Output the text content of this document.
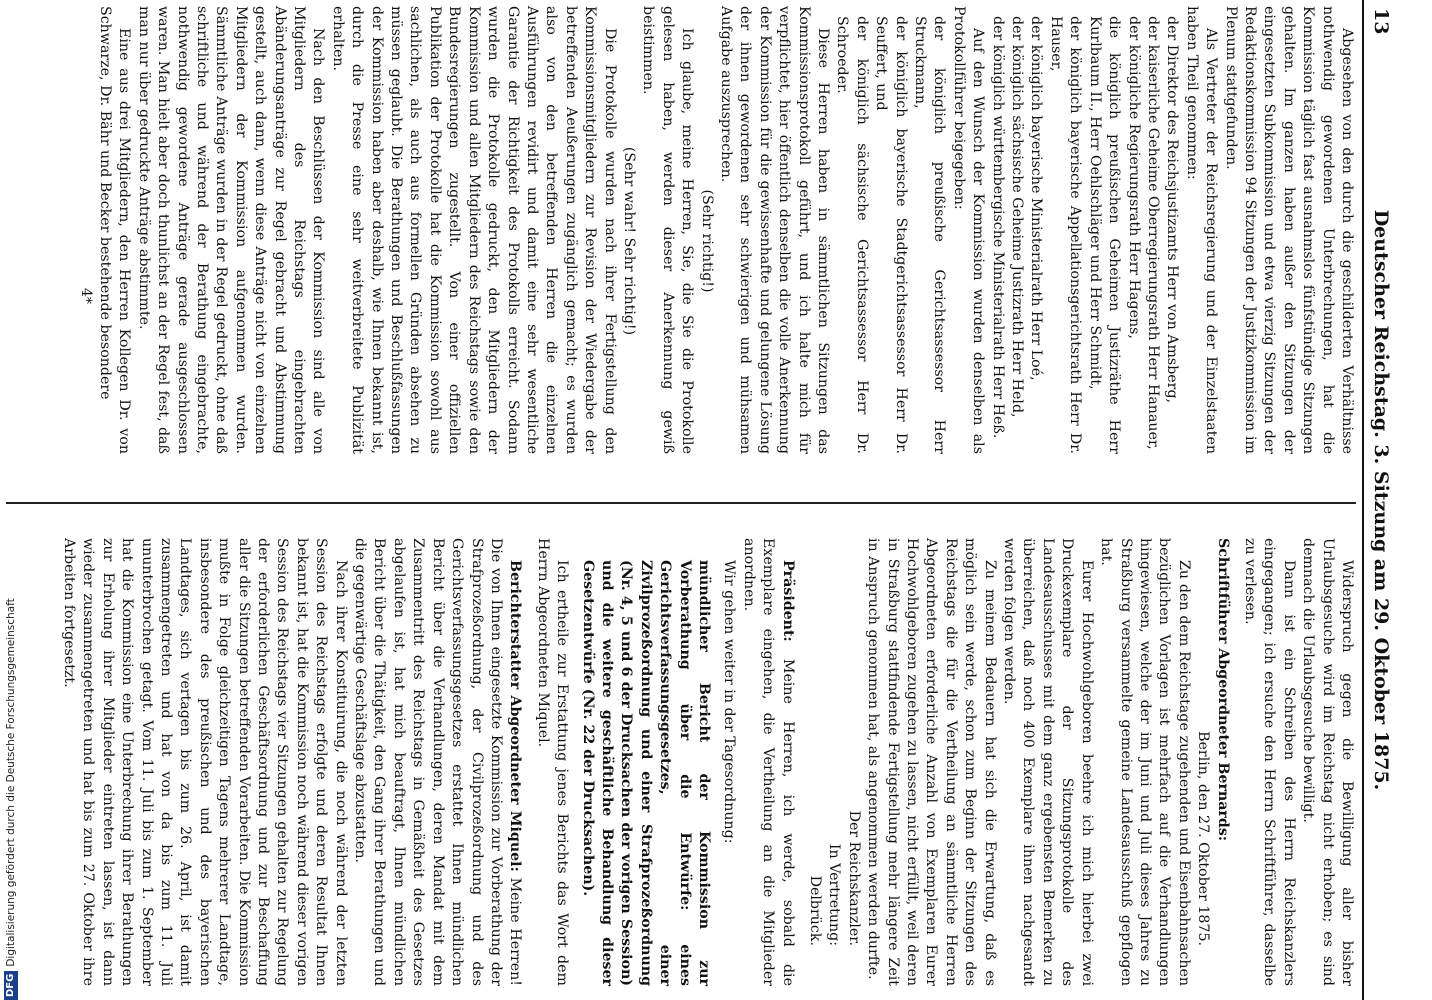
Deutscher Reichstag. 3. Sitzung am 29. Oktober 1875.
13

Widerspruch gegen die Bewilligung aller bisher Urlaubsgesuche wird im Reichstag nicht erhoben; es sind demnach die Urlaubsgesuche bewilligt.

Dann ist ein Schreiben des Herrn Reichskanzlers eingegangen; ich ersuche den Herrn Schriftführer, dasselbe zu verlesen.

Schriftführer Abgeordneter Bernards:

Berlin, den 27. Oktober 1875.

Zu den dem Reichstage zugehenden und Eisenbahnsachen bezüglichen Vorlagen ist mehrfach auf die Verhandlungen hingewiesen, welche der im Juni und Juli dieses Jahres zu Straßburg versammelte gemeine Landesausschuß gepflogen hat.

Eurer Hochwohlgeboren beehre ich mich hierbei zwei Druckexemplare der Sitzungsprotokolle des Landesausschusses mit dem ganz ergebensten Bemerken zu überreichen, daß noch 400 Exemplare ihnen nachgesandt werden folgen werden.

Zu meinem Bedauern hat sich die Erwartung, daß es möglich sein werde, schon zum Beginn der Sitzungen des Reichstags die für die Vertheilung an sämmtliche Herren Abgeordneten erforderliche Anzahl von Exemplaren Eurer Hochwohlgeboren zugehen zu lassen, nicht erfüllt, weil deren in Straßburg stattfindende Fertigstellung mehr längere Zeit in Anspruch genommen hat, als angenommen werden durfte.

Der Reichskanzler.

In Vertretung:

Delbrück.

Präsident: Meine Herren, ich werde, sobald die Exemplare eingehen, die Vertheilung an die Mitglieder anordnen.

Wir gehen weiter in der Tagesordnung:

mündlicher Bericht der Kommission zur Vorberathung über die Entwürfe: eines Gerichtsverfassungsgesetzes, einer Zivilprozeßordnung und einer Strafprozeßordnung (Nr. 4, 5 und 6 der Drucksachen der vorigen Session) und die weitere geschäftliche Behandlung dieser Gesetzentwürfe (Nr. 22 der Drucksachen).

Ich ertheile zur Erstattung jenes Berichts das Wort dem Herrn Abgeordneten Miquel.

Berichterstatter Abgeordneter Miquel: Meine Herren! Die von Ihnen eingesetzte Kommission zur Vorberathung der Strafprozeßordnung, der Civilprozeßordnung und des Gerichtsverfassungsgesetzes erstattet Ihnen mündlichen Bericht über die Verhandlungen, deren Mandat mit dem Zusammentritt des Reichstags in Gemäßheit des Gesetzes abgelaufen ist, hat mich beauftragt, Ihnen mündlichen Bericht über die Thätigkeit, den Gang ihrer Berathungen und die gegenwärtige Geschäftslage abzustatten.

Nach ihrer Konstituirung, die noch während der letzten Session des Reichstags erfolgte und deren Resultat Ihnen bekannt ist, hat die Kommission noch während dieser vorigen Session des Reichstags vier Sitzungen gehalten zur Regelung der erforderlichen Geschäftsordnung und zur Beschaffung aller die Sitzungen betreffenden Vorarbeiten. Die Kommission mußte in Folge gleichzeitigen Tagens mehrerer Landtage, insbesondere des preußischen und des bayerischen Landtages, sich vertagen bis zum 26. April, ist damit zusammengetreten und hat von da bis zum 11. Juli ununterbrochen getagt. Vom 11. Juli bis zum 1. September hat die Kommission eine Unterbrechung ihrer Berathungen zur Erholung ihrer Mitglieder eintreten lassen, ist dann wieder zusammengetreten und hat bis zum 27. Oktober ihre Arbeiten fortgesetzt.

Abgesehen von den durch die geschilderten Verhältnisse nothwendig gewordenen Unterbrechungen, hat die Kommission täglich fast ausnahmslos fünfstündige Sitzungen gehalten. Im ganzen haben außer den Sitzungen der eingesetzten Subkommission und etwa vierzig Sitzungen der Redaktionskommission 94 Sitzungen der Justizkommission im Plenum stattgefunden.

Als Vertreter der Reichsregierung und der Einzelstaaten haben Theil genommen:

der Direktor des Reichsjustizamts Herr von Amsberg,
der kaiserliche Geheime Oberregierungsrath Herr Hanauer,
der königliche Regierungsrath Herr Hagens,
die königlich preußischen Geheimen Justizräthe Herr Kurlbaum II., Herr Oehlschläger und Herr Schmidt,
der königlich bayerische Appellationsgerichtsrath Herr Dr. Hauser,
der königlich bayerische Ministerialrath Herr Loé,
der königlich sächsische Geheime Justizrath Herr Held,
der königlich württembergische Ministerialrath Herr Heß.

Auf den Wunsch der Kommission wurden denselben als Protokollführer beigegeben:

der königlich preußische Gerichtsassessor Herr Struckmann,
der königlich bayerische Stadtgerichtsassessor Herr Dr. Seuffert, und
der königlich sächsische Gerichtsassessor Herr Dr. Schroeder.

Diese Herren haben in sämmtlichen Sitzungen das Kommissionsprotokoll geführt, und ich halte mich für verpflichtet, hier öffentlich denselben die volle Anerkennung der Kommission für die gewissenhafte und gelungene Lösung der ihnen gewordenen sehr schwierigen und mühsamen Aufgabe auszusprechen.

(Sehr richtig!)

Ich glaube, meine Herren, Sie, die Sie die Protokolle gelesen haben, werden dieser Anerkennung gewiß beistimmen.

(Sehr wahr! Sehr richtig!)

Die Protokolle wurden nach ihrer Fertigstellung den Kommissionsmitgliedern zur Revision der Wiedergabe der betreffenden Aeußerungen zugänglich gemacht; es wurden also von den betreffenden Herren die einzelnen Ausführungen revidirt und damit eine sehr wesentliche Garantie der Richtigkeit des Protokolls erreicht. Sodann wurden die Protokolle gedruckt, den Mitgliedern der Kommission und allen Mitgliedern des Reichstags sowie den Bundesregierungen zugestellt. Von einer offiziellen Publikation der Protokolle hat die Kommission sowohl aus sachlichen, als auch aus formellen Gründen absehen zu müssen geglaubt. Die Berathungen und Beschlußfassungen der Kommission haben aber deshalb, wie Ihnen bekannt ist, durch die Presse eine sehr weitverbreitete Publizität erhalten.

Nach den Beschlüssen der Kommission sind alle von Mitgliedern des Reichstags eingebrachten Abänderungsanträge zur Regel gebracht und Abstimmung gestellt, auch dann, wenn diese Anträge nicht von einzelnen Mitgliedern der Kommission aufgenommen wurden. Sämmtliche Anträge wurden in der Regel gedruckt, ohne daß schriftliche und während der Berathung eingebrachte, nothwendig gewordene Anträge gerade ausgeschlossen waren. Man hielt aber doch thunlichst an der Regel fest, daß man nur über gedruckte Anträge abstimmte.

Eine aus drei Mitgliedern, den Herren Kollegen Dr. von Schwarze, Dr. Bähr und Becker bestehende besondere

4*

DFGDigitalisierung gefördert durch die Deutsche Forschungsgemeinschaft
